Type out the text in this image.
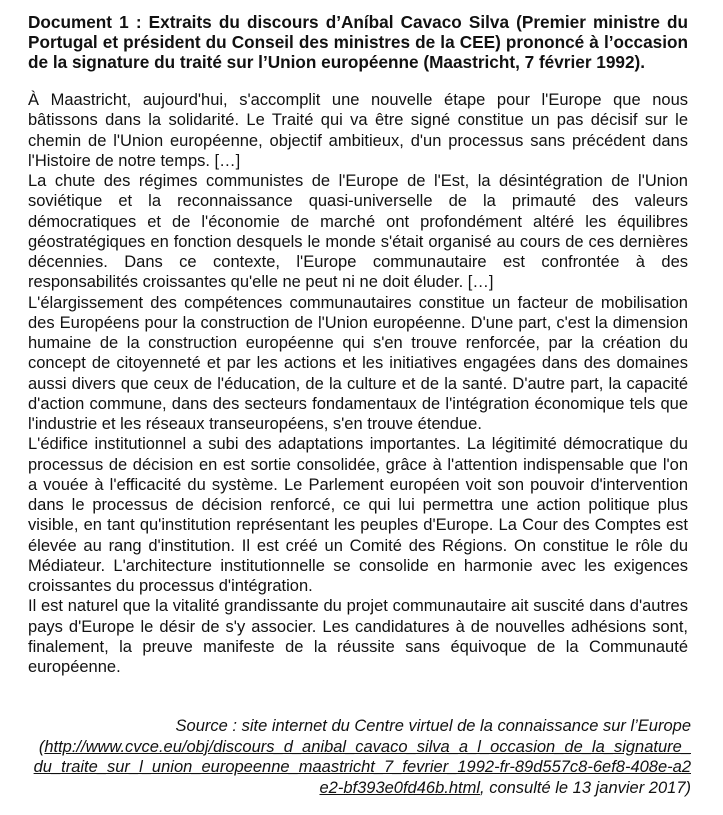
Document 1 : Extraits du discours d’Aníbal Cavaco Silva (Premier ministre du Portugal et président du Conseil des ministres de la CEE) prononcé à l’occasion de la signature du traité sur l’Union européenne (Maastricht, 7 février 1992).

À Maastricht, aujourd'hui, s'accomplit une nouvelle étape pour l'Europe que nous bâtissons dans la solidarité. Le Traité qui va être signé constitue un pas décisif sur le chemin de l'Union européenne, objectif ambitieux, d'un processus sans précédent dans l'Histoire de notre temps. […]

La chute des régimes communistes de l'Europe de l'Est, la désintégration de l'Union soviétique et la reconnaissance quasi-universelle de la primauté des valeurs démocratiques et de l'économie de marché ont profondément altéré les équilibres géostratégiques en fonction desquels le monde s'était organisé au cours de ces dernières décennies. Dans ce contexte, l'Europe communautaire est confrontée à des responsabilités croissantes qu'elle ne peut ni ne doit éluder. […]

L'élargissement des compétences communautaires constitue un facteur de mobilisation des Européens pour la construction de l'Union européenne. D'une part, c'est la dimension humaine de la construction européenne qui s'en trouve renforcée, par la création du concept de citoyenneté et par les actions et les initiatives engagées dans des domaines aussi divers que ceux de l'éducation, de la culture et de la santé. D'autre part, la capacité d'action commune, dans des secteurs fondamentaux de l'intégration économique tels que l'industrie et les réseaux transeuropéens, s'en trouve étendue.

L'édifice institutionnel a subi des adaptations importantes. La légitimité démocratique du processus de décision en est sortie consolidée, grâce à l'attention indispensable que l'on a vouée à l'efficacité du système. Le Parlement européen voit son pouvoir d'intervention dans le processus de décision renforcé, ce qui lui permettra une action politique plus visible, en tant qu'institution représentant les peuples d'Europe. La Cour des Comptes est élevée au rang d'institution. Il est créé un Comité des Régions. On constitue le rôle du Médiateur. L'architecture institutionnelle se consolide en harmonie avec les exigences croissantes du processus d'intégration.

Il est naturel que la vitalité grandissante du projet communautaire ait suscité dans d'autres pays d'Europe le désir de s'y associer. Les candidatures à de nouvelles adhésions sont, finalement, la preuve manifeste de la réussite sans équivoque de la Communauté européenne.

Source : site internet du Centre virtuel de la connaissance sur l’Europe
(http://www.cvce.eu/obj/discours_d_anibal_cavaco_silva_a_l_occasion_de_la_signature_du_traite_sur_l_union_europeenne_maastricht_7_fevrier_1992-fr-89d557c8-6ef8-408e-a2e2-bf393e0fd46b.html, consulté le 13 janvier 2017)
